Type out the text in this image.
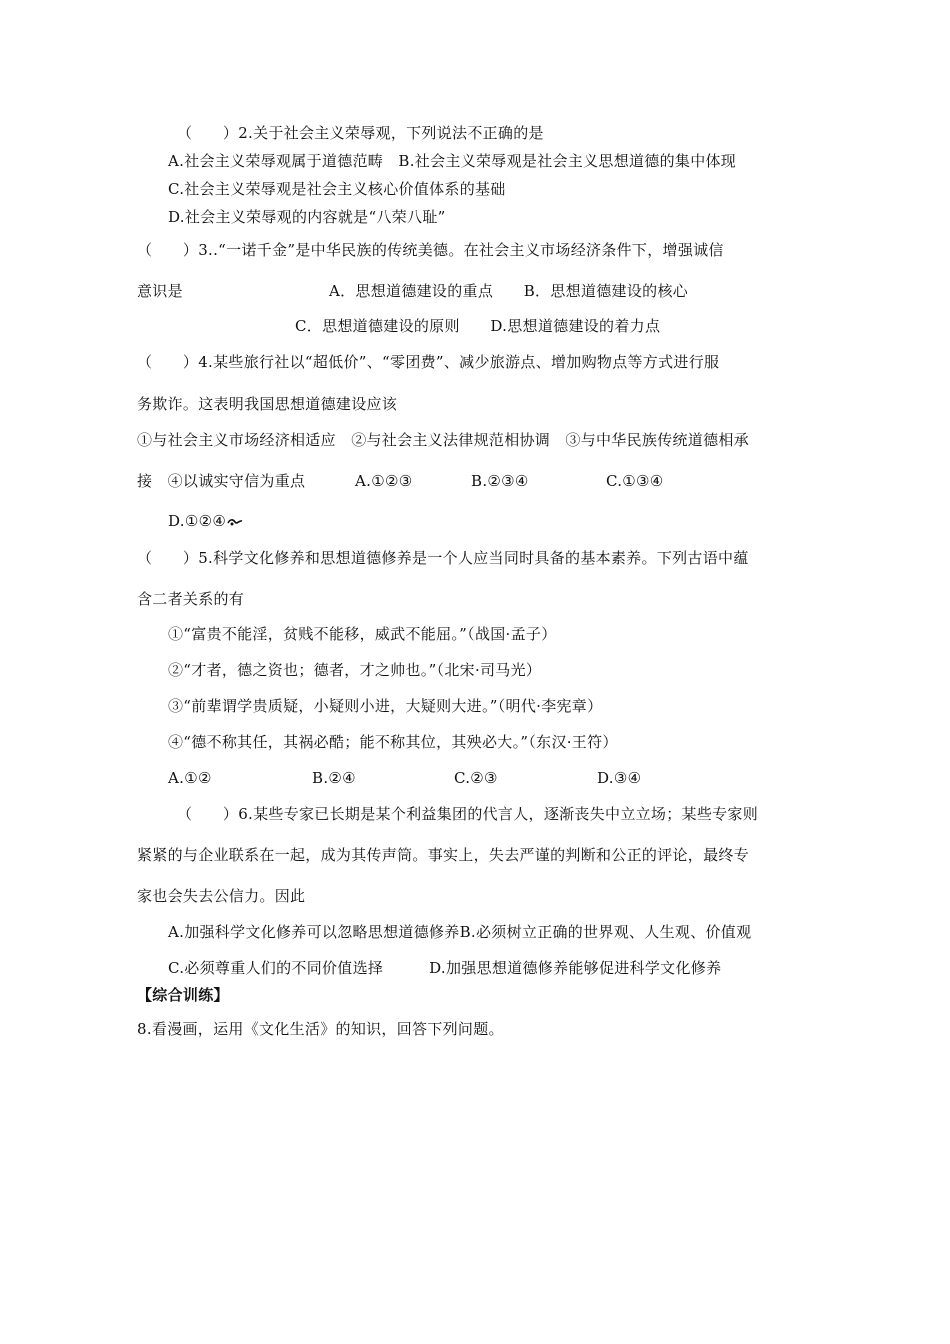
（　　）2.关于社会主义荣辱观，下列说法不正确的是
A.社会主义荣辱观属于道德范畴　B.社会主义荣辱观是社会主义思想道德的集中体现
C.社会主义荣辱观是社会主义核心价值体系的基础
D.社会主义荣辱观的内容就是“八荣八耻”
（　　）3..“一诺千金”是中华民族的传统美德。在社会主义市场经济条件下，增强诚信
意识是	A．思想道德建设的重点　　B．思想道德建设的核心
C．思想道德建设的原则　　D.思想道德建设的着力点
（　　）4.某些旅行社以“超低价”、“零团费”、减少旅游点、增加购物点等方式进行服
务欺诈。这表明我国思想道德建设应该
①与社会主义市场经济相适应　②与社会主义法律规范相协调　③与中华民族传统道德相承
接　④以诚实守信为重点	A.①②③	B.②③④	C.①③④
D.①②④
（　　）5.科学文化修养和思想道德修养是一个人应当同时具备的基本素养。下列古语中蕴
含二者关系的有
①“富贵不能淫，贫贱不能移，威武不能屈。”（战国·孟子）
②“才者，德之资也；德者，才之帅也。”（北宋·司马光）
③“前辈谓学贵质疑，小疑则小进，大疑则大进。”（明代·李宪章）
④“德不称其任，其祸必酷；能不称其位，其殃必大。”（东汉·王符）
A.①②	B.②④	C.②③	D.③④
（　　）6.某些专家已长期是某个利益集团的代言人，逐渐丧失中立立场；某些专家则
紧紧的与企业联系在一起，成为其传声筒。事实上，失去严谨的判断和公正的评论，最终专
家也会失去公信力。因此
A.加强科学文化修养可以忽略思想道德修养B.必须树立正确的世界观、人生观、价值观
C.必须尊重人们的不同价值选择　　　D.加强思想道德修养能够促进科学文化修养
【综合训练】
8.看漫画，运用《文化生活》的知识，回答下列问题。
